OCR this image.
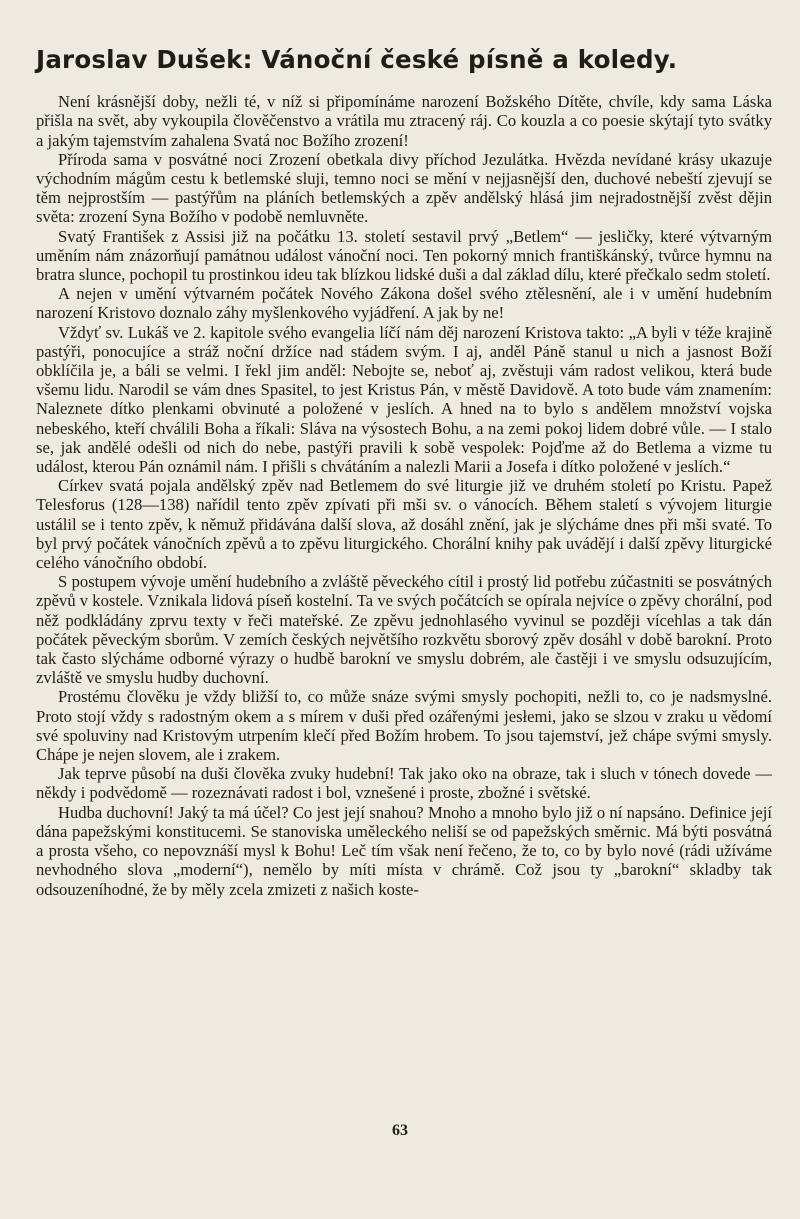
Jaroslav Dušek: Vánoční české písně a koledy.

Není krásnější doby, nežli té, v níž si připomínáme narození Božského Dítěte, chvíle, kdy sama Láska přišla na svět, aby vykoupila člověčenstvo a vrátila mu ztracený ráj. Co kouzla a co poesie skýtají tyto svátky a jakým tajemstvím zahalena Svatá noc Božího zrození!

Příroda sama v posvátné noci Zrození obetkala divy příchod Jezulátka. Hvězda nevídané krásy ukazuje východním mágům cestu k betlemské sluji, temno noci se mění v nejjasnější den, duchové nebeští zjevují se těm nejprostším — pastýřům na pláních betlemských a zpěv andělský hlásá jim nejradostnější zvěst dějin světa: zrození Syna Božího v podobě nemluvněte.

Svatý František z Assisi již na počátku 13. století sestavil prvý „Betlem“ — jesličky, které výtvarným uměním nám znázorňují památnou událost vánoční noci. Ten pokorný mnich františkánský, tvůrce hymnu na bratra slunce, pochopil tu prostinkou ideu tak blízkou lidské duši a dal základ dílu, které přečkalo sedm století.

A nejen v umění výtvarném počátek Nového Zákona došel svého ztělesnění, ale i v umění hudebním narození Kristovo doznalo záhy myšlenkového vyjádření. A jak by ne!

Vždyť sv. Lukáš ve 2. kapitole svého evangelia líčí nám děj narození Kristova takto: „A byli v téže krajině pastýři, ponocujíce a stráž noční držíce nad stádem svým. I aj, anděl Páně stanul u nich a jasnost Boží obklíčila je, a báli se velmi. I řekl jim anděl: Nebojte se, neboť aj, zvěstuji vám radost velikou, která bude všemu lidu. Narodil se vám dnes Spasitel, to jest Kristus Pán, v městě Davidově. A toto bude vám znamením: Naleznete dítko plenkami obvinuté a položené v jeslích. A hned na to bylo s andělem množství vojska nebeského, kteří chválili Boha a říkali: Sláva na výsostech Bohu, a na zemi pokoj lidem dobré vůle. — I stalo se, jak andělé odešli od nich do nebe, pastýři pravili k sobě vespolek: Pojďme až do Betlema a vizme tu událost, kterou Pán oznámil nám. I přišli s chvátáním a nalezli Marii a Josefa i dítko položené v jeslích.“

Církev svatá pojala andělský zpěv nad Betlemem do své liturgie již ve druhém století po Kristu. Papež Telesforus (128—138) nařídil tento zpěv zpívati při mši sv. o vánocích. Během staletí s vývojem liturgie ustálil se i tento zpěv, k němuž přidávána další slova, až dosáhl znění, jak je slýcháme dnes při mši svaté. To byl prvý počátek vánočních zpěvů a to zpěvu liturgického. Chorální knihy pak uvádějí i další zpěvy liturgické celého vánočního období.

S postupem vývoje umění hudebního a zvláště pěveckého cítil i prostý lid potřebu zúčastniti se posvátných zpěvů v kostele. Vznikala lidová píseň kostelní. Ta ve svých počátcích se opírala nejvíce o zpěvy chorální, pod něž podkládány zprvu texty v řeči mateřské. Ze zpěvu jednohlasého vyvinul se později vícehlas a tak dán počátek pěveckým sborům. V zemích českých největšího rozkvětu sborový zpěv dosáhl v době barokní. Proto tak často slýcháme odborné výrazy o hudbě barokní ve smyslu dobrém, ale častěji i ve smyslu odsuzujícím, zvláště ve smyslu hudby duchovní.

Prostému člověku je vždy bližší to, co může snáze svými smysly pochopiti, nežli to, co je nadsmyslné. Proto stojí vždy s radostným okem a s mírem v duši před ozářenými jesłemi, jako se slzou v zraku u vědomí své spoluviny nad Kristovým utrpením klečí před Božím hrobem. To jsou tajemství, jež chápe svými smysly. Chápe je nejen slovem, ale i zrakem.

Jak teprve působí na duši člověka zvuky hudební! Tak jako oko na obraze, tak i sluch v tónech dovede — někdy i podvědomě — rozeznávati radost i bol, vznešené i proste, zbožné i světské.

Hudba duchovní! Jaký ta má účel? Co jest její snahou? Mnoho a mnoho bylo již o ní napsáno. Definice její dána papežskými konstitucemi. Se stanoviska uměleckého neliší se od papežských směrnic. Má býti posvátná a prosta všeho, co nepovznáší mysl k Bohu! Leč tím však není řečeno, že to, co by bylo nové (rádi užíváme nevhodného slova „moderní“), nemělo by míti místa v chrámě. Což jsou ty „barokní“ skladby tak odsouzeníhodné, že by měly zcela zmizeti z našich koste-

63
